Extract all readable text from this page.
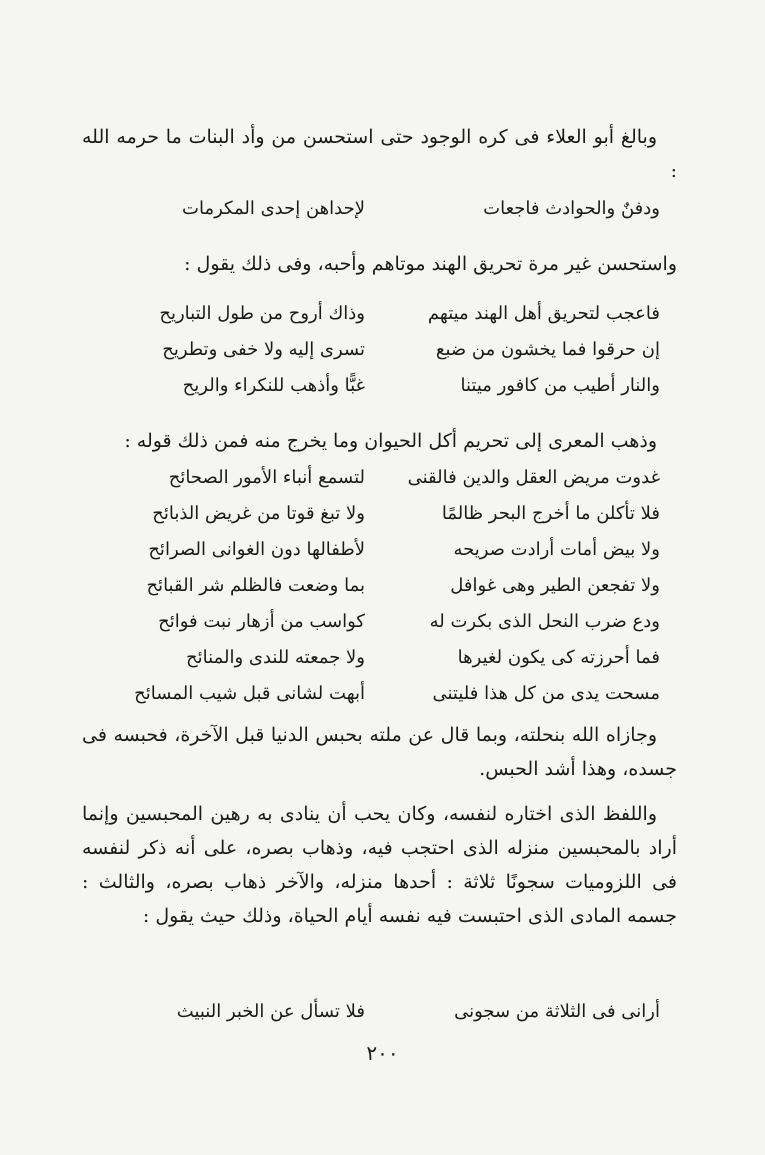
وبالغ أبو العلاء فى كره الوجود حتى استحسن من وأد البنات ما حرمه الله :

ودفنٌ والحوادث فاجعات
لإحداهن إحدى المكرمات

واستحسن غير مرة تحريق الهند موتاهم وأحبه، وفى ذلك يقول :

فاعجب لتحريق أهل الهند ميتهم
وذاك أروح من طول التباريح
إن حرقوا فما يخشون من ضبع
تسرى إليه ولا خفى وتطريح
والنار أطيب من كافور ميتنا
غبًّا وأذهب للنكراء والريح

وذهب المعرى إلى تحريم أكل الحيوان وما يخرج منه فمن ذلك قوله :

غدوت مريض العقل والدين فالقنى
لتسمع أنباء الأمور الصحائح
فلا تأكلن ما أخرج البحر ظالمًا
ولا تبغ قوتا من غريض الذبائح
ولا بيض أمات أرادت صريحه
لأطفالها دون الغوانى الصرائح
ولا تفجعن الطير وهى غوافل
بما وضعت فالظلم شر القبائح
ودع ضرب النحل الذى بكرت له
كواسب من أزهار نبت فوائح
فما أحرزته كى يكون لغيرها
ولا جمعته للندى والمنائح
مسحت يدى من كل هذا فليتنى
أبهت لشانى قبل شيب المسائح

وجازاه الله بنحلته، وبما قال عن ملته بحبس الدنيا قبل الآخرة، فحبسه فى جسده، وهذا أشد الحبس.

واللفظ الذى اختاره لنفسه، وكان يحب أن ينادى به رهين المحبسين وإنما أراد بالمحبسين منزله الذى احتجب فيه، وذهاب بصره، على أنه ذكر لنفسه فى اللزوميات سجونًا ثلاثة : أحدها منزله، والآخر ذهاب بصره، والثالث : جسمه المادى الذى احتبست فيه نفسه أيام الحياة، وذلك حيث يقول :

أرانى فى الثلاثة من سجونى
فلا تسأل عن الخبر النبيث
٢٠٠
